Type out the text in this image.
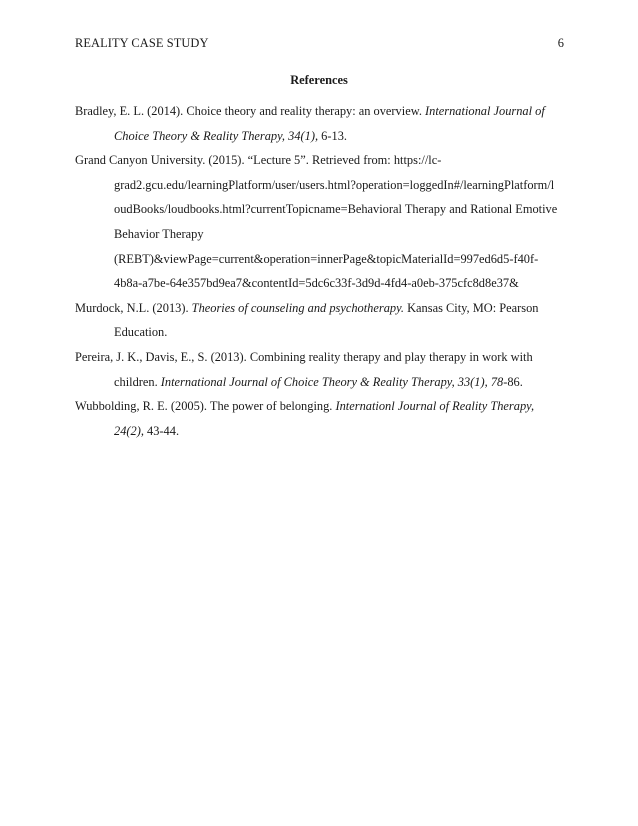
REALITY CASE STUDY	6
References
Bradley, E. L. (2014). Choice theory and reality therapy: an overview. International Journal of
Choice Theory & Reality Therapy, 34(1), 6-13.
Grand Canyon University. (2015). “Lecture 5”. Retrieved from: https://lc-
grad2.gcu.edu/learningPlatform/user/users.html?operation=loggedIn#/learningPlatform/l
oudBooks/loudbooks.html?currentTopicname=Behavioral Therapy and Rational Emotive
Behavior Therapy
(REBT)&viewPage=current&operation=innerPage&topicMaterialId=997ed6d5-f40f-
4b8a-a7be-64e357bd9ea7&contentId=5dc6c33f-3d9d-4fd4-a0eb-375cfc8d8e37&
Murdock, N.L. (2013). Theories of counseling and psychotherapy. Kansas City, MO: Pearson
Education.
Pereira, J. K., Davis, E., S. (2013). Combining reality therapy and play therapy in work with
children. International Journal of Choice Theory & Reality Therapy, 33(1), 78-86.
Wubbolding, R. E. (2005). The power of belonging. Internationl Journal of Reality Therapy,
24(2), 43-44.
